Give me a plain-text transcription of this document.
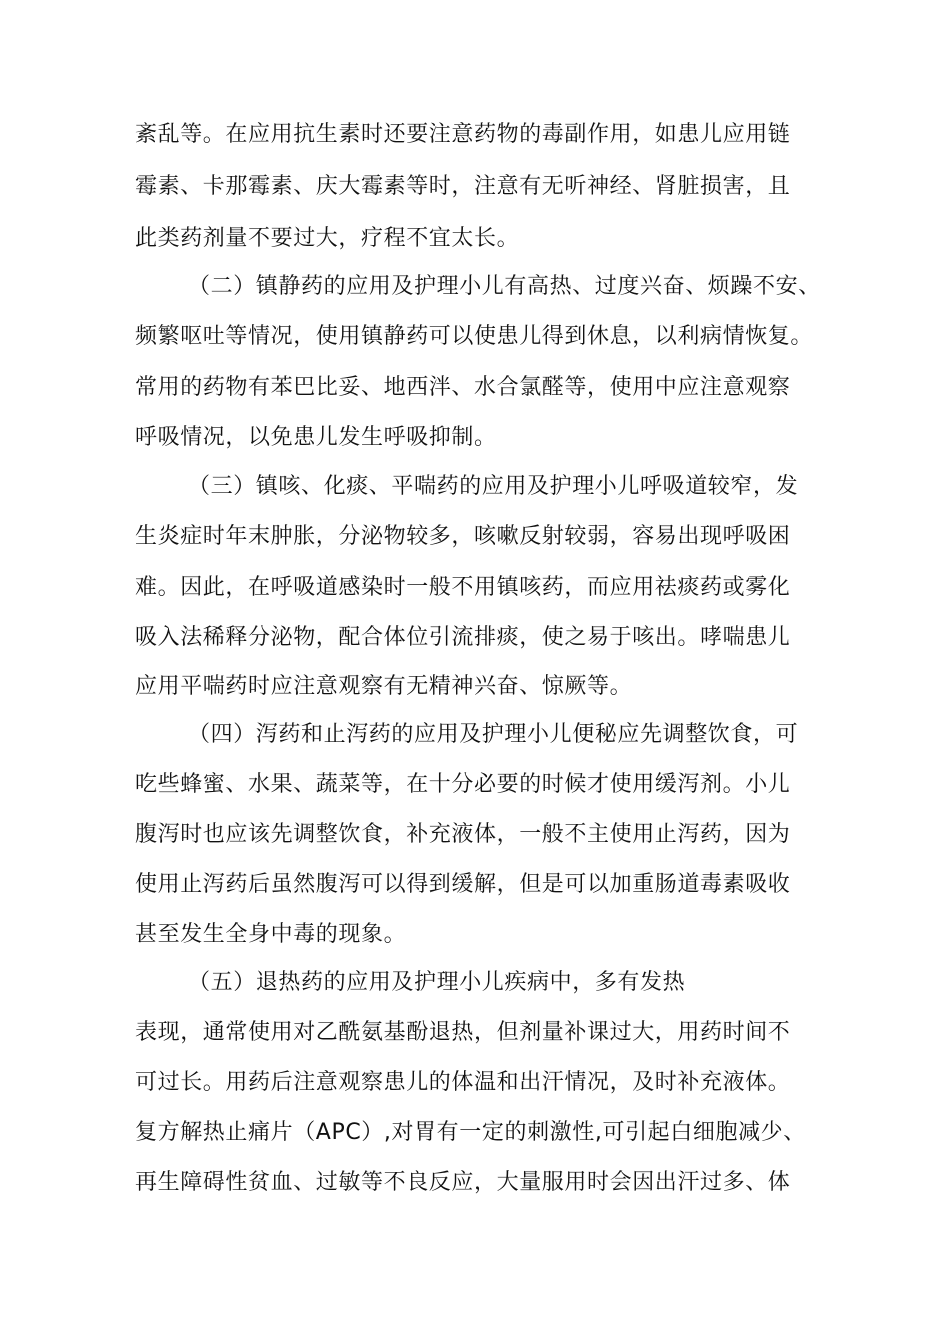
紊乱等。在应用抗生素时还要注意药物的毒副作用，如患儿应用链
霉素、卡那霉素、庆大霉素等时，注意有无听神经、肾脏损害，且
此类药剂量不要过大，疗程不宜太长。
（二）镇静药的应用及护理小儿有高热、过度兴奋、烦躁不安、
频繁呕吐等情况，使用镇静药可以使患儿得到休息，以利病情恢复。
常用的药物有苯巴比妥、地西泮、水合氯醛等，使用中应注意观察
呼吸情况，以免患儿发生呼吸抑制。
（三）镇咳、化痰、平喘药的应用及护理小儿呼吸道较窄，发
生炎症时年末肿胀，分泌物较多，咳嗽反射较弱，容易出现呼吸困
难。因此，在呼吸道感染时一般不用镇咳药，而应用祛痰药或雾化
吸入法稀释分泌物，配合体位引流排痰，使之易于咳出。哮喘患儿
应用平喘药时应注意观察有无精神兴奋、惊厥等。
（四）泻药和止泻药的应用及护理小儿便秘应先调整饮食，可
吃些蜂蜜、水果、蔬菜等，在十分必要的时候才使用缓泻剂。小儿
腹泻时也应该先调整饮食，补充液体，一般不主使用止泻药，因为
使用止泻药后虽然腹泻可以得到缓解，但是可以加重肠道毒素吸收
甚至发生全身中毒的现象。
（五）退热药的应用及护理小儿疾病中，多有发热
表现，通常使用对乙酰氨基酚退热，但剂量补课过大，用药时间不
可过长。用药后注意观察患儿的体温和出汗情况，及时补充液体。
复方解热止痛片（APC）,对胃有一定的刺激性,可引起白细胞减少、
再生障碍性贫血、过敏等不良反应，大量服用时会因出汗过多、体
